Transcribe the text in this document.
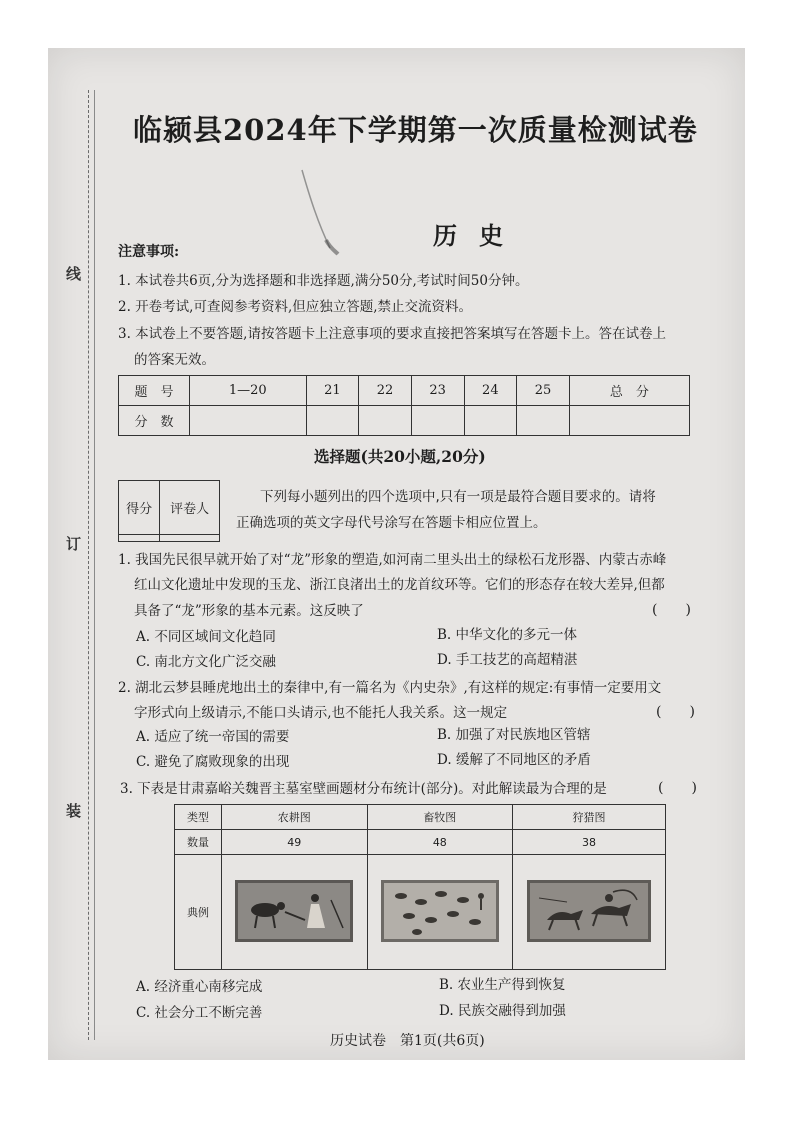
线
订
装
临颍县2024年下学期第一次质量检测试卷
历史
注意事项:
1. 本试卷共6页,分为选择题和非选择题,满分50分,考试时间50分钟。
2. 开卷考试,可查阅参考资料,但应独立答题,禁止交流资料。
3. 本试卷上不要答题,请按答题卡上注意事项的要求直接把答案填写在答题卡上。答在试卷上
的答案无效。
题　号	1—20	21	22	23	24	25	总　分
分　数							
选择题(共20小题,20分)
得分	评卷人

下列每小题列出的四个选项中,只有一项是最符合题目要求的。请将
正确选项的英文字母代号涂写在答题卡相应位置上。
1. 我国先民很早就开始了对“龙”形象的塑造,如河南二里头出土的绿松石龙形器、内蒙古赤峰
红山文化遗址中发现的玉龙、浙江良渚出土的龙首纹环等。它们的形态存在较大差异,但都
具备了“龙”形象的基本元素。这反映了	(　　)
A. 不同区域间文化趋同	B. 中华文化的多元一体
C. 南北方文化广泛交融	D. 手工技艺的高超精湛
2. 湖北云梦县睡虎地出土的秦律中,有一篇名为《内史杂》,有这样的规定:有事情一定要用文
字形式向上级请示,不能口头请示,也不能托人我关系。这一规定	(　　)
A. 适应了统一帝国的需要	B. 加强了对民族地区管辖
C. 避免了腐败现象的出现	D. 缓解了不同地区的矛盾
3. 下表是甘肃嘉峪关魏晋主墓室壁画题材分布统计(部分)。对此解读最为合理的是	(　　)
类型	农耕图	畜牧图	狩猎图
数量	49	48	38
典例			
A. 经济重心南移完成	B. 农业生产得到恢复
C. 社会分工不断完善	D. 民族交融得到加强
历史试卷　第1页(共6页)
